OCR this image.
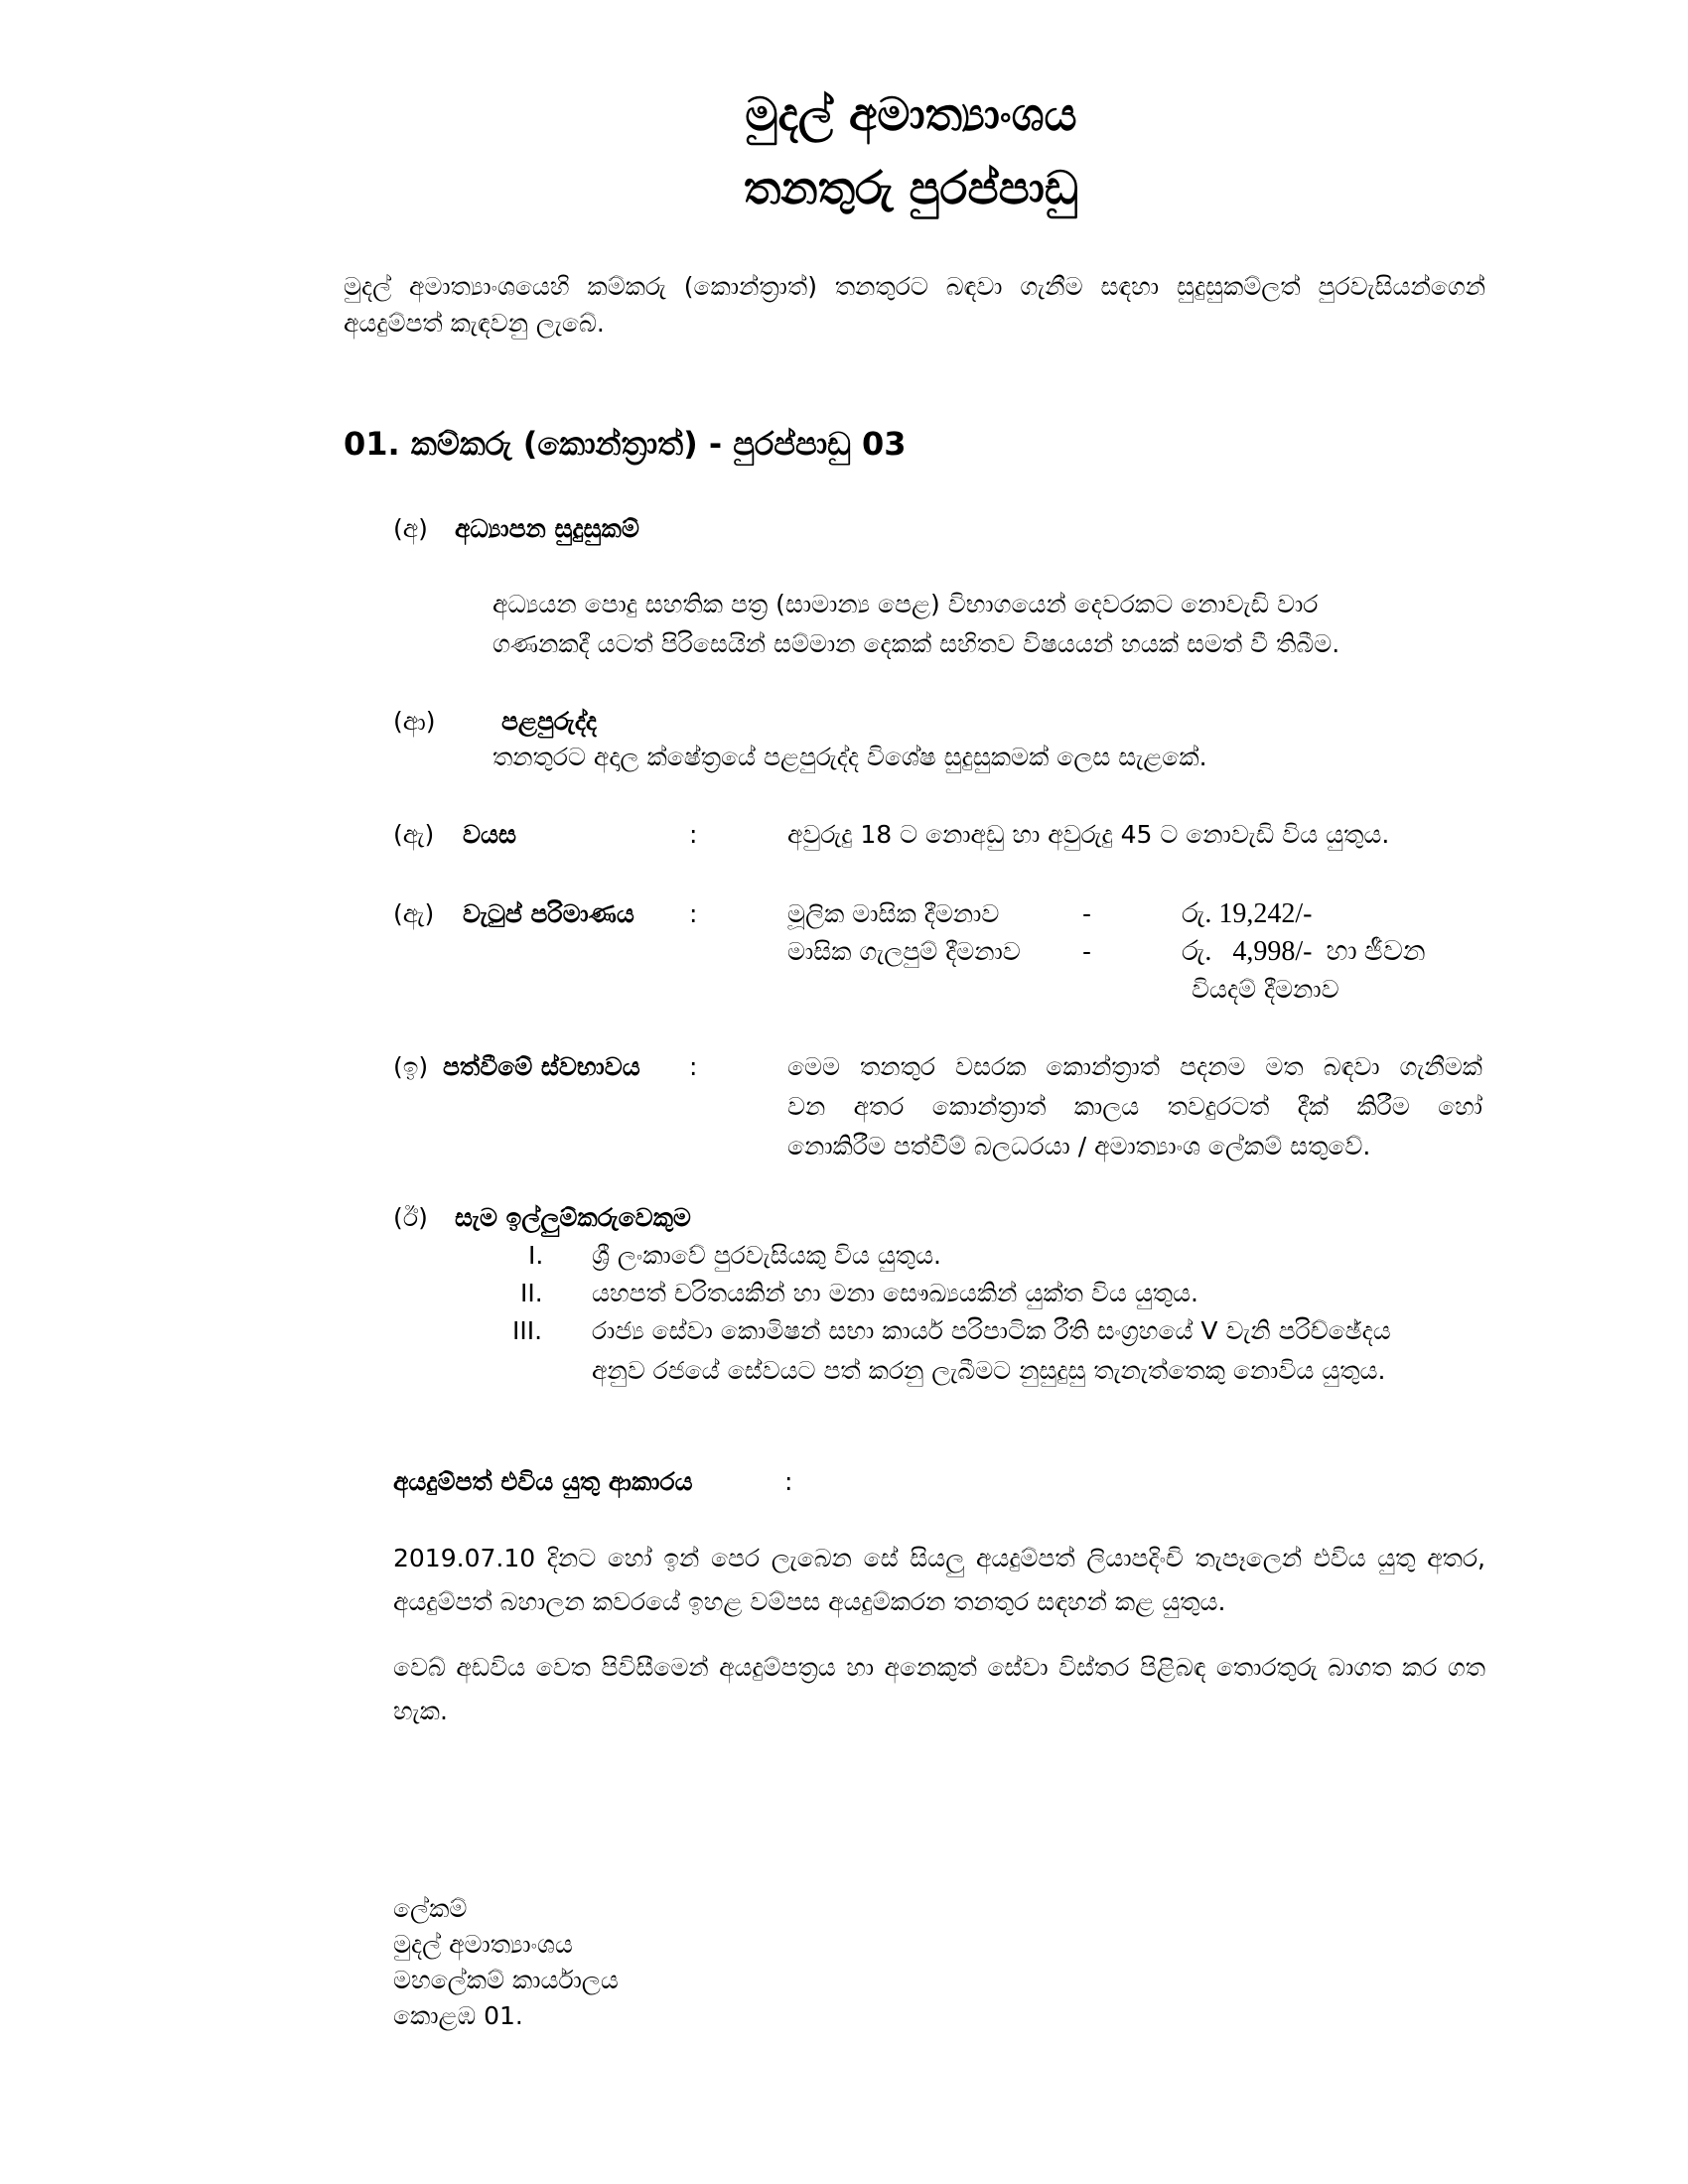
මුදල් අමාත්‍යාංශය
තනතුරු පුරප්පාඩු
මුදල් අමාත්‍යාංශයෙහි කම්කරු (කොන්ත්‍රාත්) තනතුරට බඳවා ගැනීම සඳහා සුදුසුකම්ලත් පුරවැසියන්ගෙන් අයදුම්පත් කැඳවනු ලැබේ.
01. කම්කරු (කොන්ත්‍රාත්) - පුරප්පාඩු 03
(අ) අධ්‍යාපන සුදුසුකම්
අධ්‍යයන පොදු සහතික පත්‍ර (සාමාන්‍ය පෙළ) විභාගයෙන් දෙවරකට නොවැඩි වාර
ගණනකදී යටත් පිරිසෙයින් සම්මාන දෙකක් සහිතව විෂයයන් හයක් සමත් වී තිබීම.
(ආ)	පළපුරුද්ද
තනතුරට අදාල ක්ෂේත්‍රයේ පළපුරුද්ද විශේෂ සුදුසුකමක් ලෙස සැළකේ.
(ඇ) වයස	:	අවුරුදු 18 ට නොඅඩු හා අවුරුදු 45 ට නොවැඩි විය යුතුය.
(ඇ) වැටුප් පරිමාණය :	මූලික මාසික දීමනාව	-	රු. 19,242/-
මාසික ගැලපුම් දීමනාව -	රු.   4,998/-  හා ජීවන
වියදම් දීමනාව
(ඉ) පත්වීමේ ස්වභාවය :	මෙම තනතුර වසරක කොන්ත්‍රාත් පදනම මත බඳවා ගැනීමක්
වන අතර කොන්ත්‍රාත් කාලය තවදුරටත් දීක් කිරීම හෝ
නොකිරීම පත්වීම් බලධරයා / අමාත්‍යාංශ ලේකම් සතුවේ.
(ඊ) සැම ඉල්ලුම්කරුවෙකුම
I. ශ්‍රී ලංකාවේ පුරවැසියකු විය යුතුය.
II. යහපත් චරිතයකින් හා මනා සෞඛ්‍යයකින් යුක්ත විය යුතුය.
III. රාජ්‍ය සේවා කොමිෂන් සභා කාර්ය පරිපාටික රීති සංග්‍රහයේ V වැනි පරිච්ඡේදය
අනුව රජයේ සේවයට පත් කරනු ලැබීමට නුසුදුසු තැනැත්තෙකු නොවිය යුතුය.
අයදුම්පත් එවිය යුතු ආකාරය	:
2019.07.10 දිනට හෝ ඉන් පෙර ලැබෙන සේ සියලු අයදුම්පත් ලියාපදිංචි තැපෑලෙන් එවිය යුතු අතර, අයදුම්පත් බහාලන කවරයේ ඉහළ වම්පස අයදුම්කරන තනතුර සඳහන් කළ යුතුය.
වෙබ් අඩවිය වෙත පිවිසීමෙන් අයදුම්පත්‍රය හා අනෙකුත් සේවා විස්තර පිළිබඳ තොරතුරු බාගත කර ගත හැක.
ලේකම්
මුදල් අමාත්‍යාංශය
මහලේකම් කාර්යාලය
කොළඹ 01.
